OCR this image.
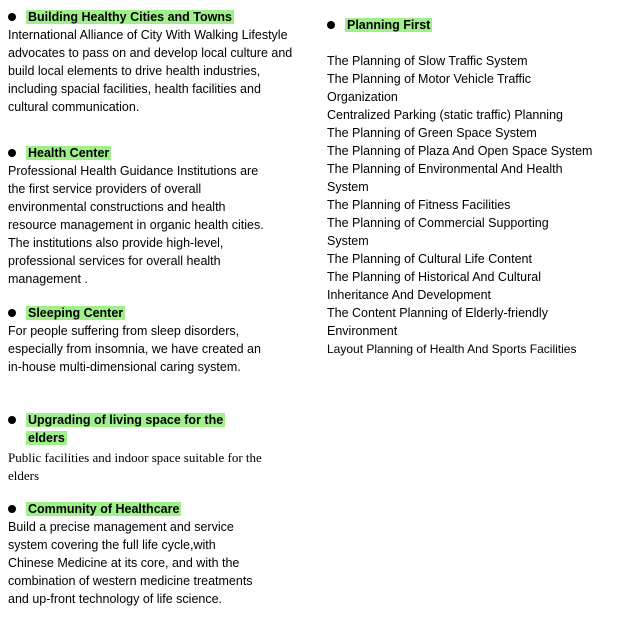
Building Healthy Cities and Towns

International Alliance of City With Walking Lifestyle advocates to pass on and develop local culture and build local elements to drive health industries, including spacial facilities, health facilities and cultural communication.

Health Center

Professional Health Guidance Institutions are the first service providers of overall environmental constructions and health resource management in organic health cities. The institutions also provide high-level, professional services for overall health management .

Sleeping Center

For people suffering from sleep disorders, especially from insomnia, we have created an in-house multi-dimensional caring system.

Upgrading of living space for the elders

Public facilities and indoor space suitable for the elders

Community of Healthcare

Build a precise management and service system covering the full life cycle,with Chinese Medicine at its core, and with the combination of western medicine treatments and up-front technology of life science.

Planning First
The Planning of Slow Traffic System
The Planning of Motor Vehicle Traffic Organization
Centralized Parking (static traffic) Planning
The Planning of Green Space System
The Planning of Plaza And Open Space System
The Planning of Environmental And Health System
The Planning of Fitness Facilities
The Planning of Commercial Supporting System
The Planning of Cultural Life Content
The Planning of Historical And Cultural Inheritance And Development
The Content Planning of Elderly-friendly Environment
Layout Planning of Health And Sports Facilities
